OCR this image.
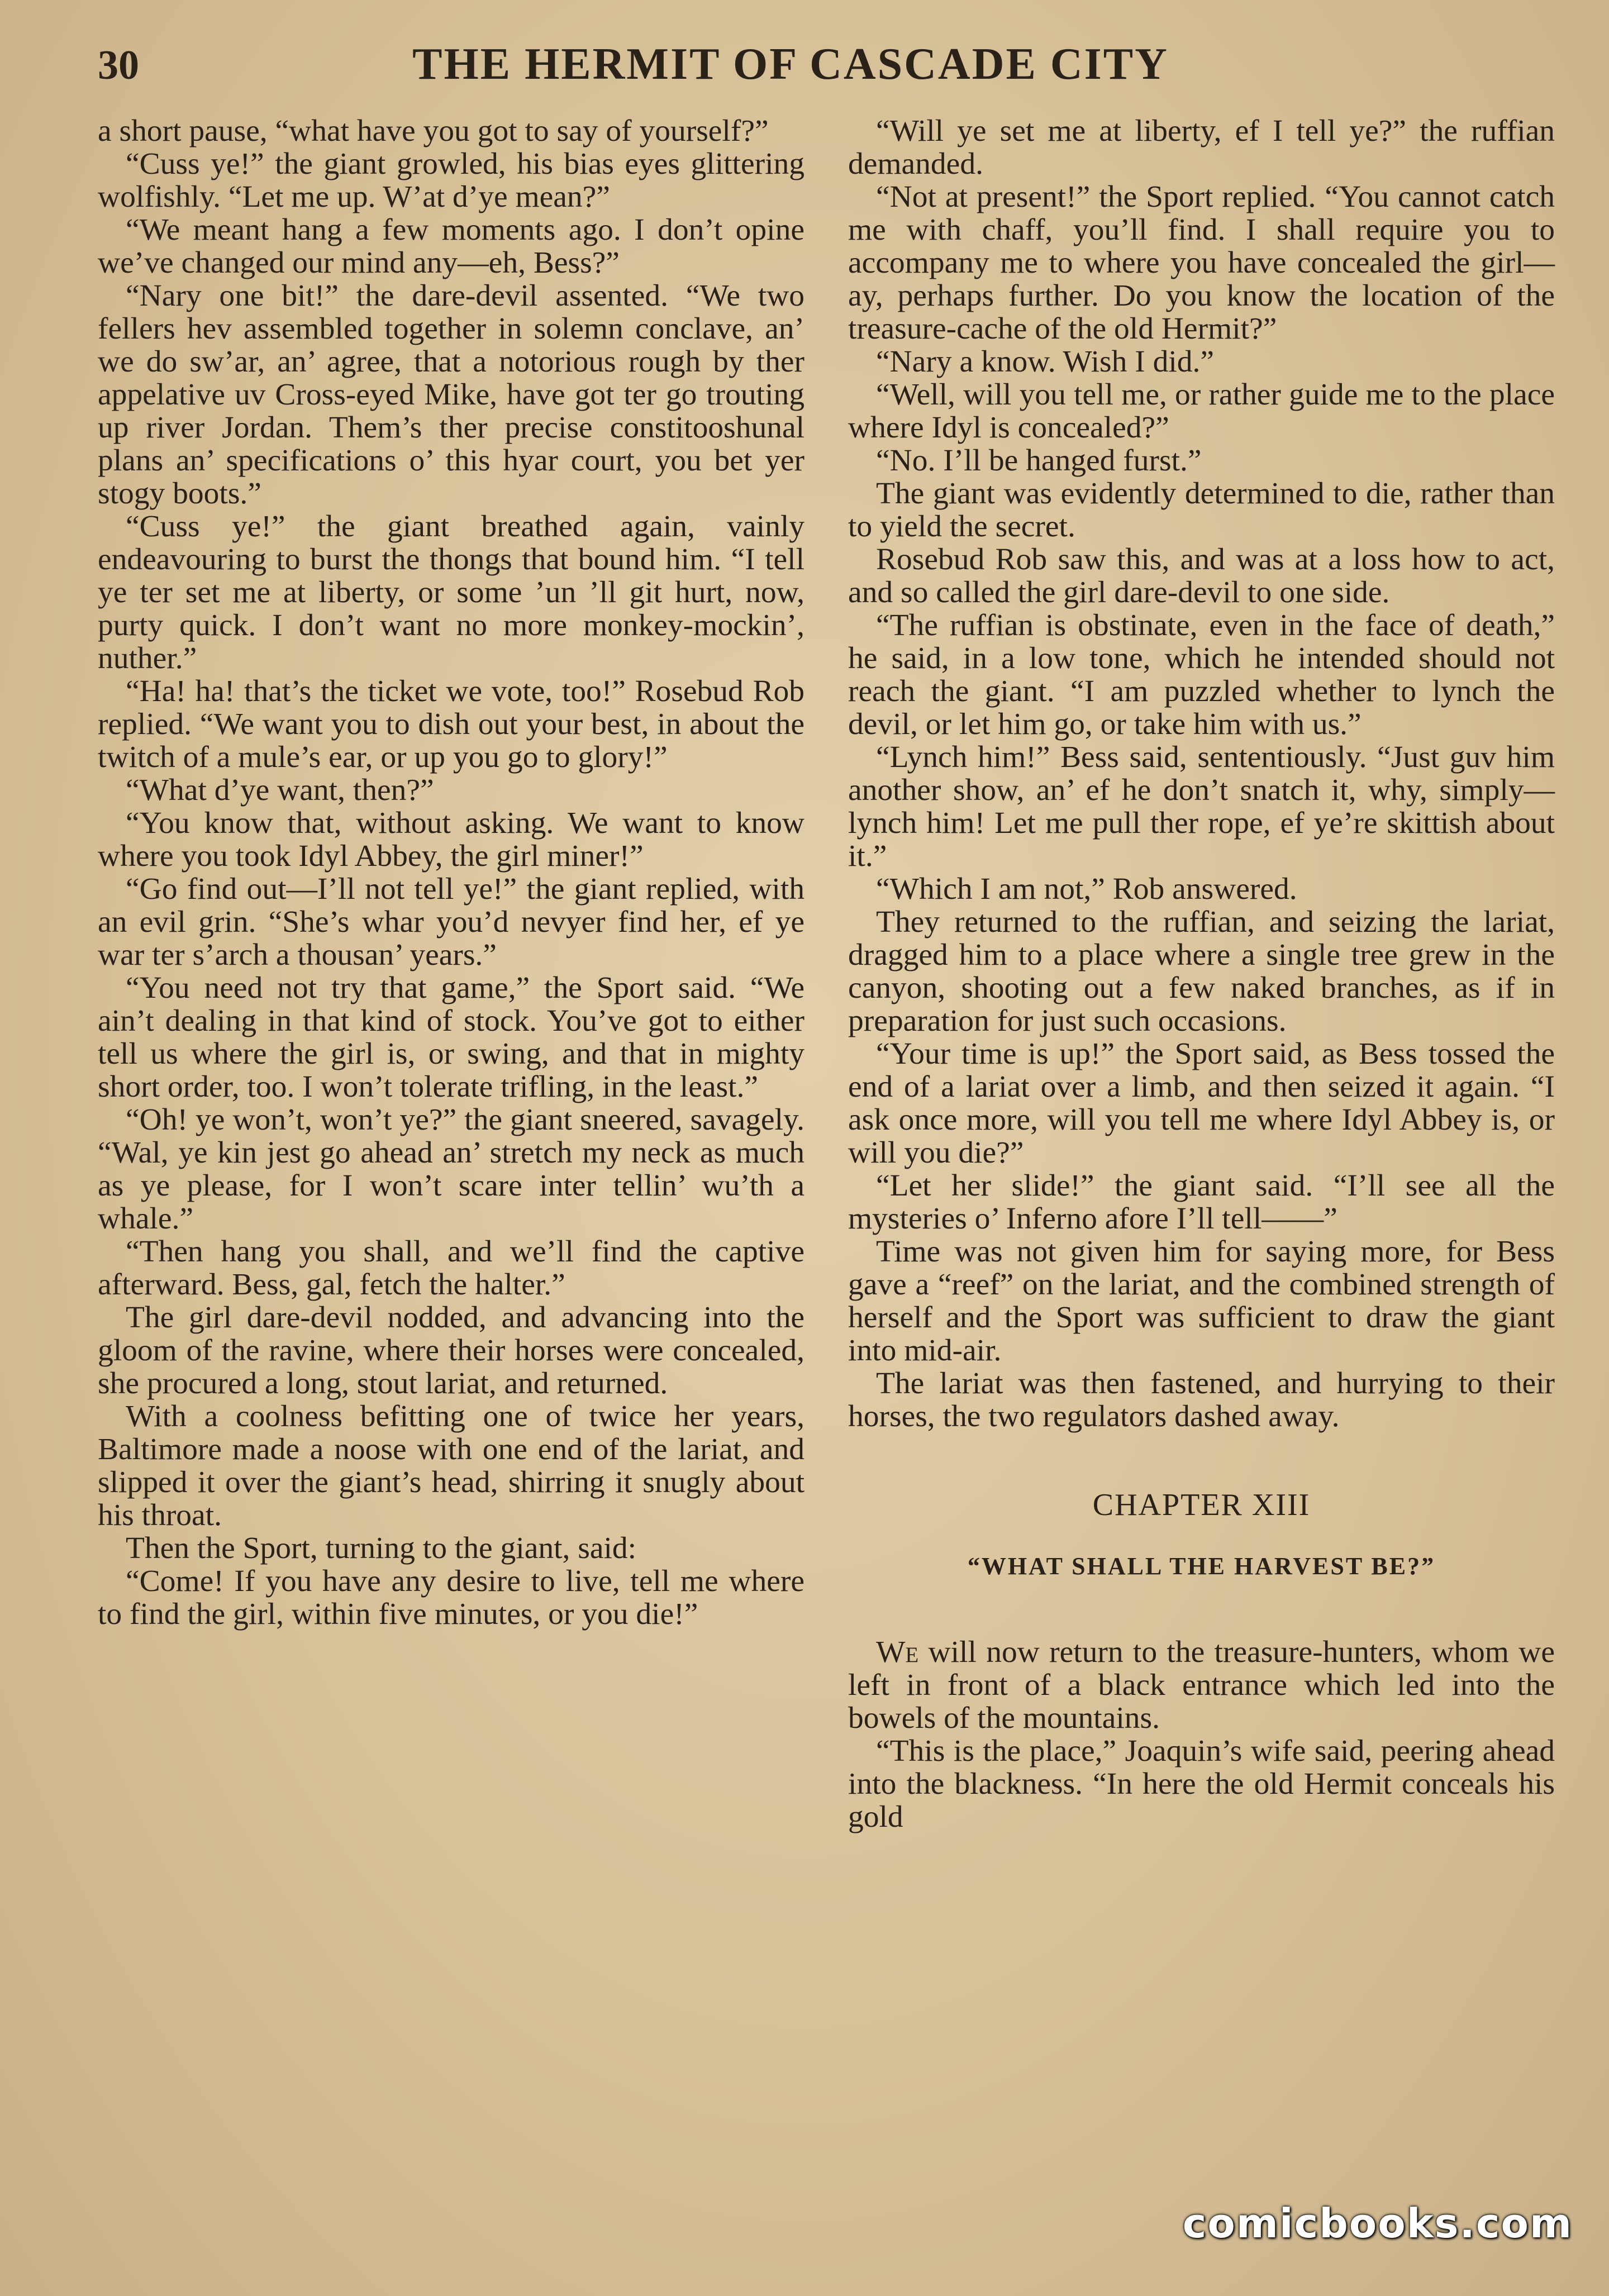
30	THE HERMIT OF CASCADE CITY

a short pause, “what have you got to say of yourself?”

“Cuss ye!” the giant growled, his bias eyes glittering wolfishly. “Let me up. W’at d’ye mean?”

“We meant hang a few moments ago. I don’t opine we’ve changed our mind any—eh, Bess?”

“Nary one bit!” the dare-devil assented. “We two fellers hev assembled together in solemn conclave, an’ we do sw’ar, an’ agree, that a notorious rough by ther appelative uv Cross-eyed Mike, have got ter go trouting up river Jordan. Them’s ther precise constitooshunal plans an’ specifications o’ this hyar court, you bet yer stogy boots.”

“Cuss ye!” the giant breathed again, vainly endeavouring to burst the thongs that bound him. “I tell ye ter set me at liberty, or some ’un ’ll git hurt, now, purty quick. I don’t want no more monkey-mockin’, nuther.”

“Ha! ha! that’s the ticket we vote, too!” Rosebud Rob replied. “We want you to dish out your best, in about the twitch of a mule’s ear, or up you go to glory!”

“What d’ye want, then?”

“You know that, without asking. We want to know where you took Idyl Abbey, the girl miner!”

“Go find out—I’ll not tell ye!” the giant replied, with an evil grin. “She’s whar you’d nevyer find her, ef ye war ter s’arch a thousan’ years.”

“You need not try that game,” the Sport said. “We ain’t dealing in that kind of stock. You’ve got to either tell us where the girl is, or swing, and that in mighty short order, too. I won’t tolerate trifling, in the least.”

“Oh! ye won’t, won’t ye?” the giant sneered, savagely. “Wal, ye kin jest go ahead an’ stretch my neck as much as ye please, for I won’t scare inter tellin’ wu’th a whale.”

“Then hang you shall, and we’ll find the captive afterward. Bess, gal, fetch the halter.”

The girl dare-devil nodded, and advancing into the gloom of the ravine, where their horses were concealed, she procured a long, stout lariat, and returned.

With a coolness befitting one of twice her years, Baltimore made a noose with one end of the lariat, and slipped it over the giant’s head, shirring it snugly about his throat.

Then the Sport, turning to the giant, said:

“Come! If you have any desire to live, tell me where to find the girl, within five minutes, or you die!”

“Will ye set me at liberty, ef I tell ye?” the ruffian demanded.

“Not at present!” the Sport replied. “You cannot catch me with chaff, you’ll find. I shall require you to accompany me to where you have concealed the girl—ay, perhaps further. Do you know the location of the treasure-cache of the old Hermit?”

“Nary a know. Wish I did.”

“Well, will you tell me, or rather guide me to the place where Idyl is concealed?”

“No. I’ll be hanged furst.”

The giant was evidently determined to die, rather than to yield the secret.

Rosebud Rob saw this, and was at a loss how to act, and so called the girl dare-devil to one side.

“The ruffian is obstinate, even in the face of death,” he said, in a low tone, which he intended should not reach the giant. “I am puzzled whether to lynch the devil, or let him go, or take him with us.”

“Lynch him!” Bess said, sententiously. “Just guv him another show, an’ ef he don’t snatch it, why, simply—lynch him! Let me pull ther rope, ef ye’re skittish about it.”

“Which I am not,” Rob answered.

They returned to the ruffian, and seizing the lariat, dragged him to a place where a single tree grew in the canyon, shooting out a few naked branches, as if in preparation for just such occasions.

“Your time is up!” the Sport said, as Bess tossed the end of a lariat over a limb, and then seized it again. “I ask once more, will you tell me where Idyl Abbey is, or will you die?”

“Let her slide!” the giant said. “I’ll see all the mysteries o’ Inferno afore I’ll tell——”

Time was not given him for saying more, for Bess gave a “reef” on the lariat, and the combined strength of herself and the Sport was sufficient to draw the giant into mid-air.

The lariat was then fastened, and hurrying to their horses, the two regulators dashed away.

CHAPTER XIII
“WHAT SHALL THE HARVEST BE?”

We will now return to the treasure-hunters, whom we left in front of a black entrance which led into the bowels of the mountains.

“This is the place,” Joaquin’s wife said, peering ahead into the blackness. “In here the old Hermit conceals his gold

comicbooks.com
